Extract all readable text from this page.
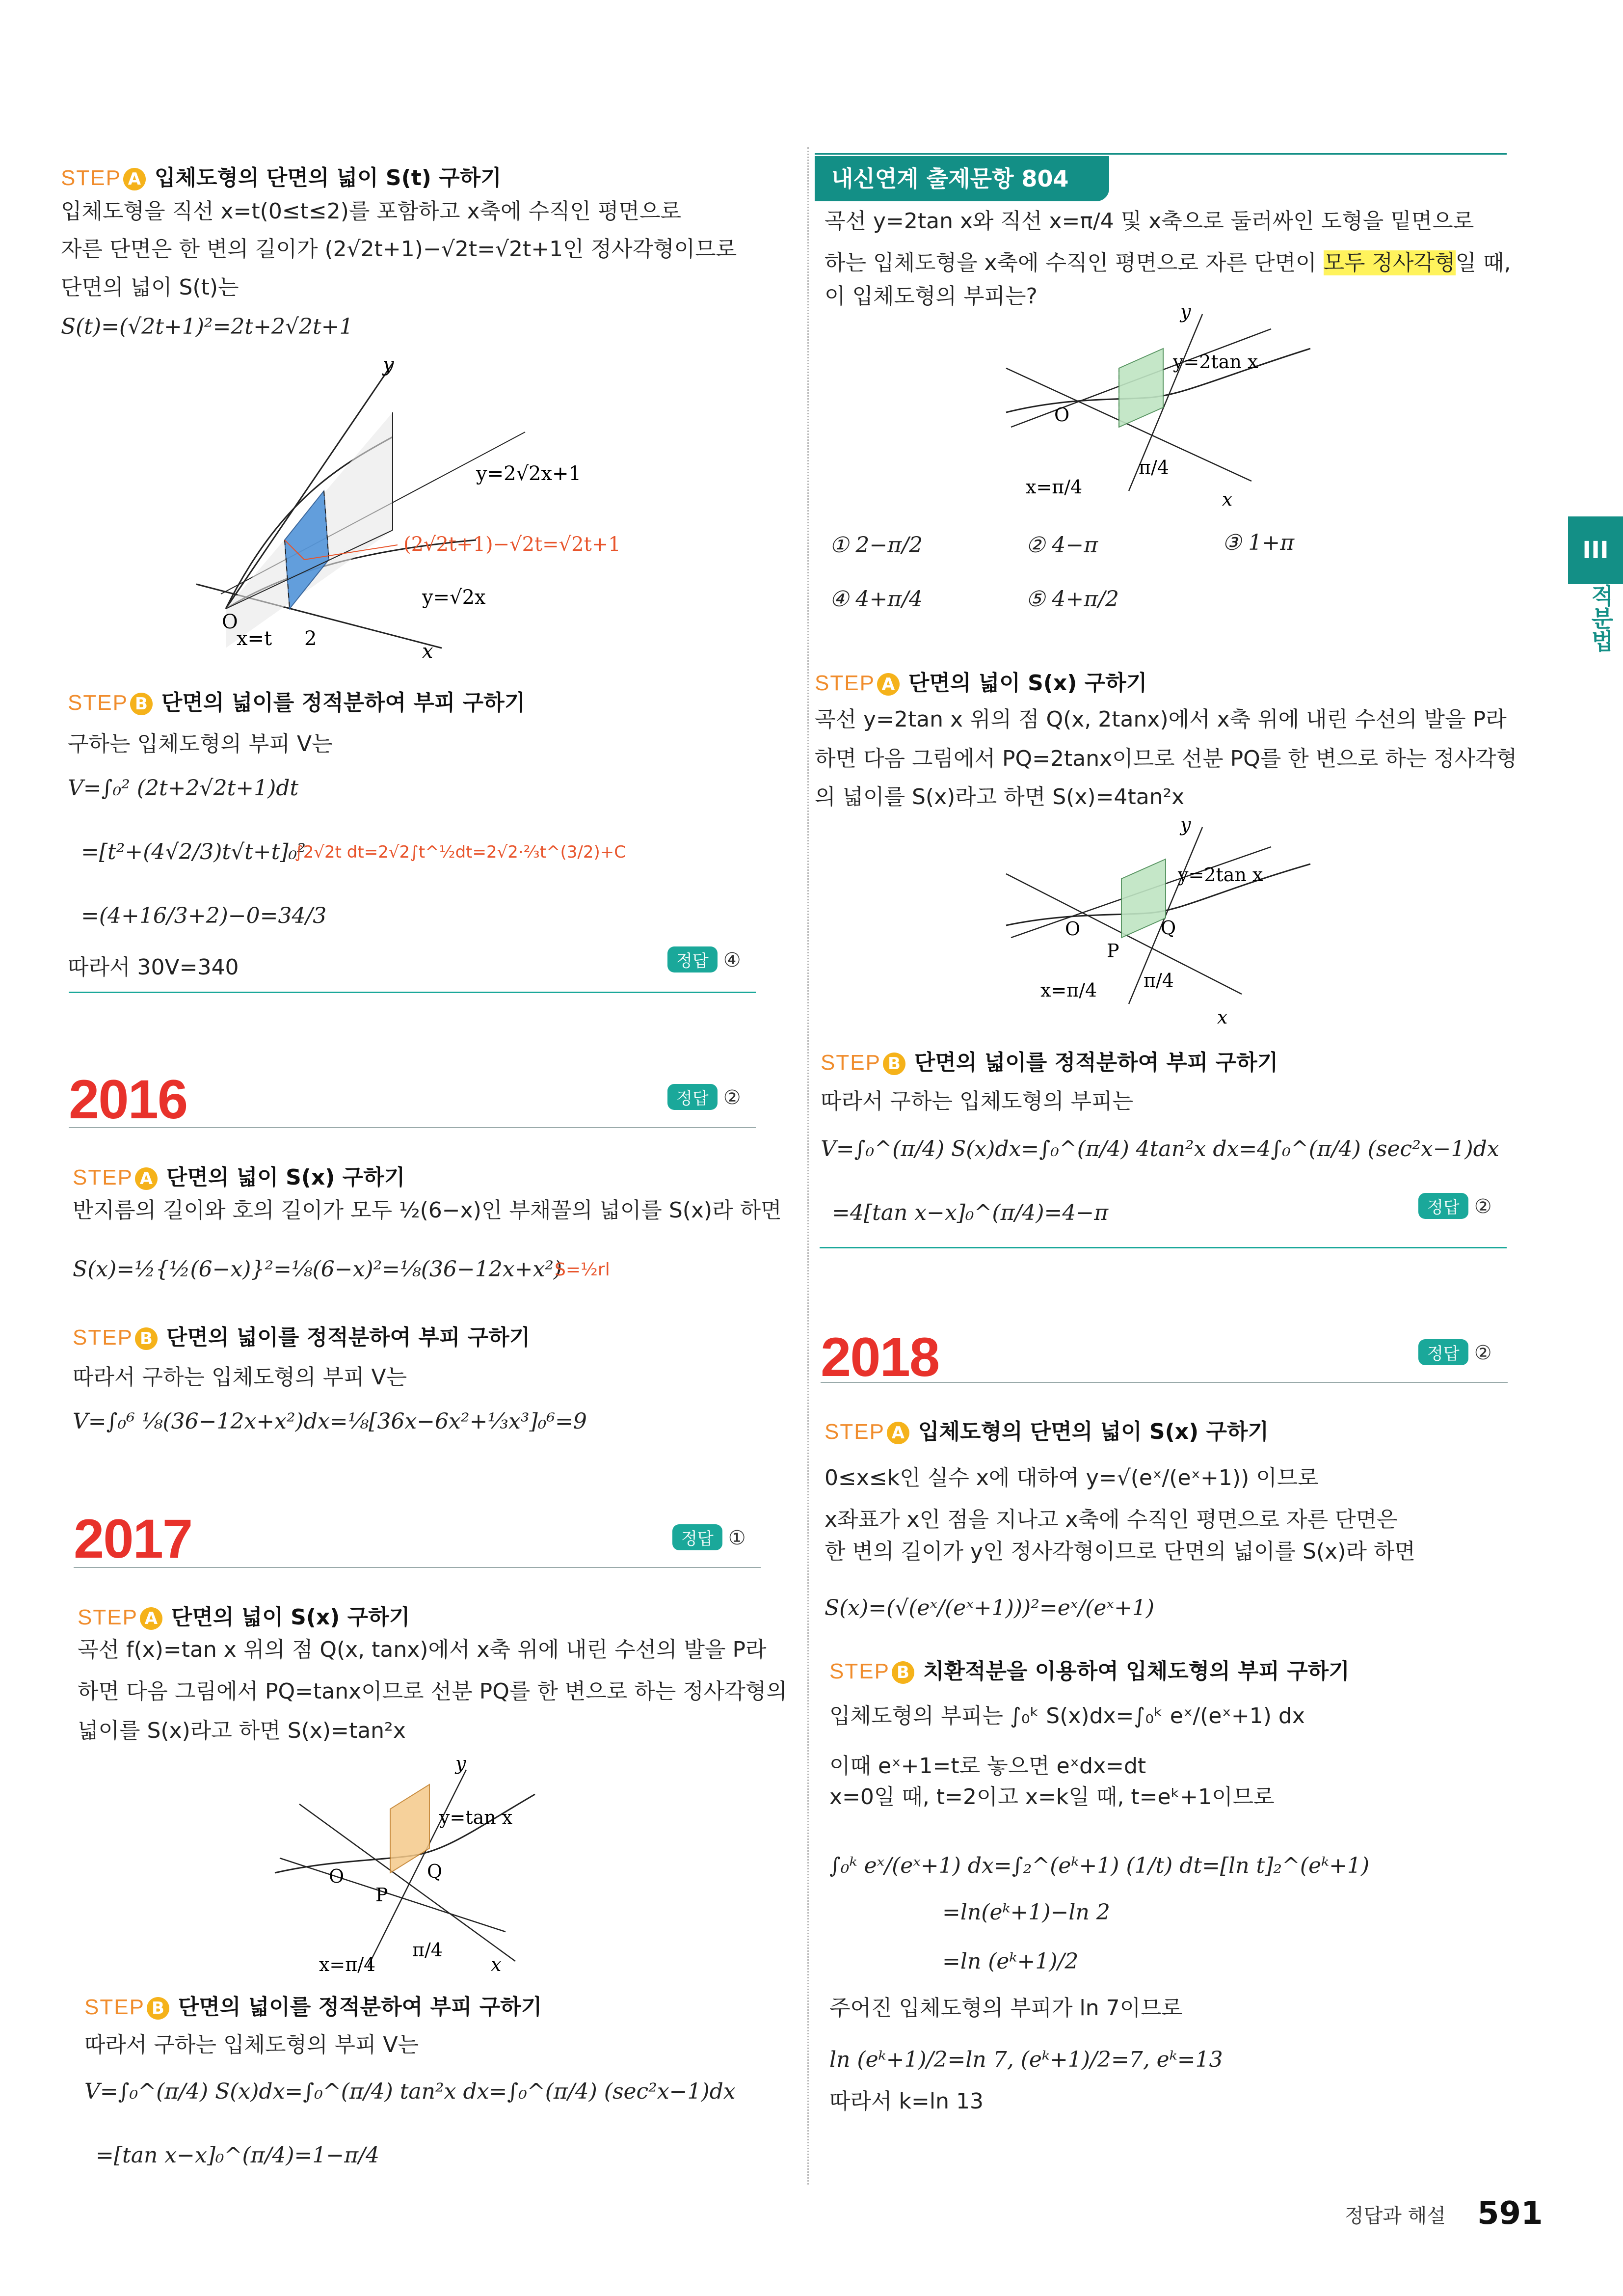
STEP A 입체도형의 단면의 넓이 S(t) 구하기
입체도형을 직선 x=t(0≤t≤2)를 포함하고 x축에 수직인 평면으로
자른 단면은 한 변의 길이가 (2√2t+1)−√2t=√2t+1인 정사각형이므로
단면의 넓이 S(t)는
S(t)=(√2t+1)²=2t+2√2t+1
y
y=2√2x+1
(2√2t+1)−√2t=√2t+1
y=√2x
O
x=t 2
x
STEP B 단면의 넓이를 정적분하여 부피 구하기
구하는 입체도형의 부피 V는
V=∫₀² (2t+2√2t+1)dt
=[t²+(4√2/3)t√t+t]₀²
∫2√2t dt=2√2∫t^½dt=2√2·⅔t^(3/2)+C
=(4+16/3+2)−0=34/3
따라서 30V=340	정답 ④
2016	정답 ②
STEP A 단면의 넓이 S(x) 구하기
반지름의 길이와 호의 길이가 모두 ½(6−x)인 부채꼴의 넓이를 S(x)라 하면
S(x)=½{½(6−x)}²=⅛(6−x)²=⅛(36−12x+x²)
S=½rl
STEP B 단면의 넓이를 정적분하여 부피 구하기
따라서 구하는 입체도형의 부피 V는
V=∫₀⁶ ⅛(36−12x+x²)dx=⅛[36x−6x²+⅓x³]₀⁶=9
2017	정답 ①
STEP A 단면의 넓이 S(x) 구하기
곡선 f(x)=tan x 위의 점 Q(x, tanx)에서 x축 위에 내린 수선의 발을 P라
하면 다음 그림에서 PQ=tanx이므로 선분 PQ를 한 변으로 하는 정사각형의
넓이를 S(x)라고 하면 S(x)=tan²x
y
y=tan x
O	Q
P
x=π/4
π/4
x
STEP B 단면의 넓이를 정적분하여 부피 구하기
따라서 구하는 입체도형의 부피 V는
V=∫₀^(π/4) S(x)dx=∫₀^(π/4) tan²x dx=∫₀^(π/4) (sec²x−1)dx
=[tan x−x]₀^(π/4)=1−π/4
내신연계 출제문항 804
곡선 y=2tan x와 직선 x=π/4 및 x축으로 둘러싸인 도형을 밑면으로
하는 입체도형을 x축에 수직인 평면으로 자른 단면이 모두 정사각형일 때,
이 입체도형의 부피는?
y
y=2tan x
O
x=π/4
π/4
x
① 2−π/2	② 4−π	③ 1+π
④ 4+π/4	⑤ 4+π/2
STEP A 단면의 넓이 S(x) 구하기
곡선 y=2tan x 위의 점 Q(x, 2tanx)에서 x축 위에 내린 수선의 발을 P라
하면 다음 그림에서 PQ=2tanx이므로 선분 PQ를 한 변으로 하는 정사각형
의 넓이를 S(x)라고 하면 S(x)=4tan²x
y
y=2tan x
O	Q
P
x=π/4 π/4
x
STEP B 단면의 넓이를 정적분하여 부피 구하기
따라서 구하는 입체도형의 부피는
V=∫₀^(π/4) S(x)dx=∫₀^(π/4) 4tan²x dx=4∫₀^(π/4) (sec²x−1)dx
=4[tan x−x]₀^(π/4)=4−π	정답 ②
2018	정답 ②
STEP A 입체도형의 단면의 넓이 S(x) 구하기
0≤x≤k인 실수 x에 대하여 y=√(eˣ/(eˣ+1)) 이므로
x좌표가 x인 점을 지나고 x축에 수직인 평면으로 자른 단면은
한 변의 길이가 y인 정사각형이므로 단면의 넓이를 S(x)라 하면
S(x)=(√(eˣ/(eˣ+1)))²=eˣ/(eˣ+1)
STEP B 치환적분을 이용하여 입체도형의 부피 구하기
입체도형의 부피는 ∫₀ᵏ S(x)dx=∫₀ᵏ eˣ/(eˣ+1) dx
이때 eˣ+1=t로 놓으면 eˣdx=dt
x=0일 때, t=2이고 x=k일 때, t=eᵏ+1이므로
∫₀ᵏ eˣ/(eˣ+1) dx=∫₂^(eᵏ+1) (1/t) dt=[ln t]₂^(eᵏ+1)
=ln(eᵏ+1)−ln 2
=ln (eᵏ+1)/2
주어진 입체도형의 부피가 ln 7이므로
ln (eᵏ+1)/2=ln 7, (eᵏ+1)/2=7, eᵏ=13
따라서 k=ln 13
III
적분법
정답과 해설 591
